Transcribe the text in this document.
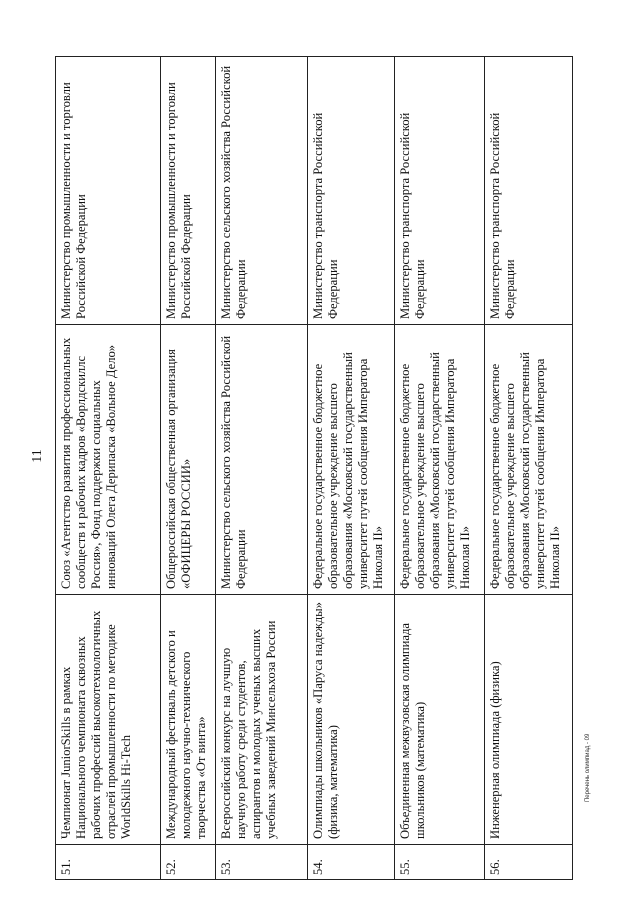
11
51.	Чемпионат JuniorSkills в рамках Национального чемпионата сквозных рабочих профессий высокотехнологичных отраслей промышленности по методике WorldSkills Hi-Tech	Союз «Агентство развития профессиональных сообществ и рабочих кадров «Ворлдскиллс Россия», Фонд поддержки социальных инноваций Олега Дерипаска «Вольное Дело»	Министерство промышленности и торговли Российской Федерации
52.	Международный фестиваль детского и молодежного научно-технического творчества «От винта»	Общероссийская общественная организация «ОФИЦЕРЫ РОССИИ»	Министерство промышленности и торговли Российской Федерации
53.	Всероссийский конкурс на лучшую научную работу среди студентов, аспирантов и молодых ученых высших учебных заведений Минсельхоза России	Министерство сельского хозяйства Российской Федерации	Министерство сельского хозяйства Российской Федерации
54.	Олимпиады школьников «Паруса надежды» (физика, математика)	Федеральное государственное бюджетное образовательное учреждение высшего образования «Московский государственный университет путей сообщения Императора Николая II»	Министерство транспорта Российской Федерации
55.	Объединенная межвузовская олимпиада школьников (математика)	Федеральное государственное бюджетное образовательное учреждение высшего образования «Московский государственный университет путей сообщения Императора Николая II»	Министерство транспорта Российской Федерации
56.	Инженерная олимпиада (физика)	Федеральное государственное бюджетное образовательное учреждение высшего образования «Московский государственный университет путей сообщения Императора Николая II»	Министерство транспорта Российской Федерации
Перечень олимпиад - 09
